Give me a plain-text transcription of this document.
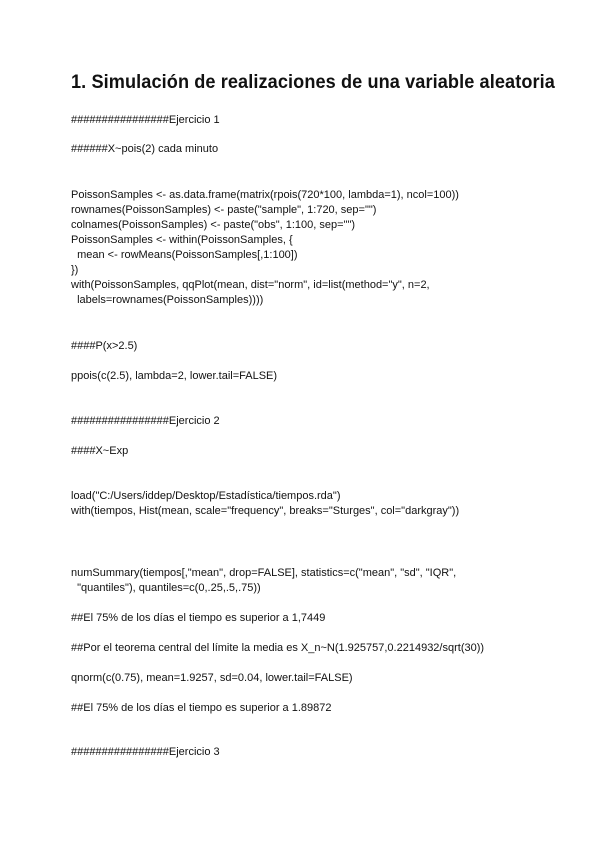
1. Simulación de realizaciones de una variable aleatoria
################Ejercicio 1
######X~pois(2) cada minuto
PoissonSamples <- as.data.frame(matrix(rpois(720*100, lambda=1), ncol=100))
rownames(PoissonSamples) <- paste("sample", 1:720, sep="")
colnames(PoissonSamples) <- paste("obs", 1:100, sep="")
PoissonSamples <- within(PoissonSamples, {
mean <- rowMeans(PoissonSamples[,1:100])
})
with(PoissonSamples, qqPlot(mean, dist="norm", id=list(method="y", n=2,
labels=rownames(PoissonSamples))))
####P(x>2.5)
ppois(c(2.5), lambda=2, lower.tail=FALSE)
################Ejercicio 2
####X~Exp
load("C:/Users/iddep/Desktop/Estadística/tiempos.rda")
with(tiempos, Hist(mean, scale="frequency", breaks="Sturges", col="darkgray"))
numSummary(tiempos[,"mean", drop=FALSE], statistics=c("mean", "sd", "IQR",
"quantiles"), quantiles=c(0,.25,.5,.75))
##El 75% de los días el tiempo es superior a 1,7449
##Por el teorema central del límite la media es X_n~N(1.925757,0.2214932/sqrt(30))
qnorm(c(0.75), mean=1.9257, sd=0.04, lower.tail=FALSE)
##El 75% de los días el tiempo es superior a 1.89872
################Ejercicio 3
